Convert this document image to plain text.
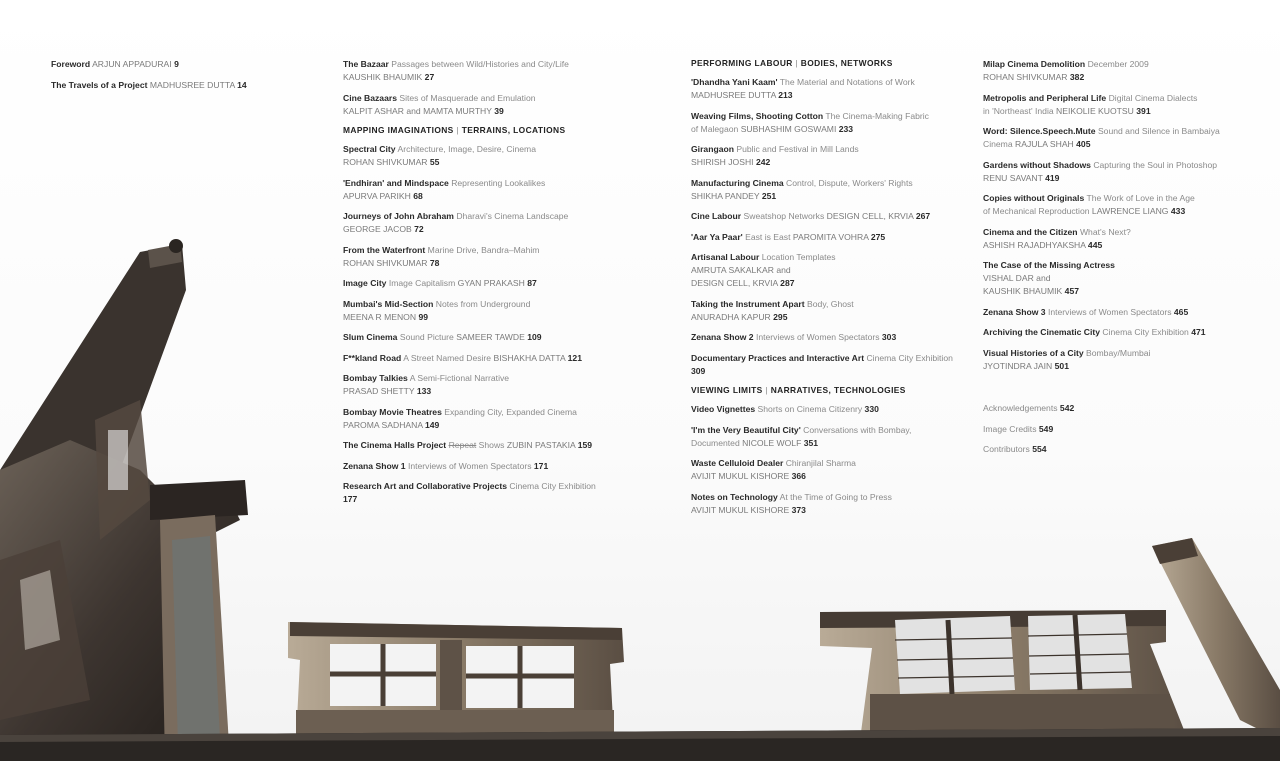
Foreword ARJUN APPADURAI 9
The Travels of a Project MADHUSREE DUTTA 14
The Bazaar Passages between Wild/Histories and City/Life
KAUSHIK BHAUMIK 27
Cine Bazaars Sites of Masquerade and Emulation
KALPIT ASHAR and MAMTA MURTHY 39
MAPPING IMAGINATIONS | TERRAINS, LOCATIONS
Spectral City Architecture, Image, Desire, Cinema
ROHAN SHIVKUMAR 55
'Endhiran' and Mindspace Representing Lookalikes
APURVA PARIKH 68
Journeys of John Abraham Dharavi's Cinema Landscape
GEORGE JACOB 72
From the Waterfront Marine Drive, Bandra–Mahim
ROHAN SHIVKUMAR 78
Image City Image Capitalism GYAN PRAKASH 87
Mumbai's Mid-Section Notes from Underground
MEENA R MENON 99
Slum Cinema Sound Picture SAMEER TAWDE 109
F**kland Road A Street Named Desire BISHAKHA DATTA 121
Bombay Talkies A Semi-Fictional Narrative
PRASAD SHETTY 133
Bombay Movie Theatres Expanding City, Expanded Cinema
PAROMA SADHANA 149
The Cinema Halls Project Repeat Shows ZUBIN PASTAKIA 159
Zenana Show 1 Interviews of Women Spectators 171
Research Art and Collaborative Projects Cinema City Exhibition
177
PERFORMING LABOUR | BODIES, NETWORKS
'Dhandha Yani Kaam' The Material and Notations of Work
MADHUSREE DUTTA 213
Weaving Films, Shooting Cotton The Cinema-Making Fabric
of Malegaon SUBHASHIM GOSWAMI 233
Girangaon Public and Festival in Mill Lands
SHIRISH JOSHI 242
Manufacturing Cinema Control, Dispute, Workers' Rights
SHIKHA PANDEY 251
Cine Labour Sweatshop Networks DESIGN CELL, KRVIA 267
'Aar Ya Paar' East is East PAROMITA VOHRA 275
Artisanal Labour Location Templates
AMRUTA SAKALKAR and
DESIGN CELL, KRVIA 287
Taking the Instrument Apart Body, Ghost
ANURADHA KAPUR 295
Zenana Show 2 Interviews of Women Spectators 303
Documentary Practices and Interactive Art Cinema City Exhibition
309
VIEWING LIMITS | NARRATIVES, TECHNOLOGIES
Video Vignettes Shorts on Cinema Citizenry 330
'I'm the Very Beautiful City' Conversations with Bombay,
Documented NICOLE WOLF 351
Waste Celluloid Dealer Chiranjilal Sharma
AVIJIT MUKUL KISHORE 366
Notes on Technology At the Time of Going to Press
AVIJIT MUKUL KISHORE 373
Milap Cinema Demolition December 2009
ROHAN SHIVKUMAR 382
Metropolis and Peripheral Life Digital Cinema Dialects
in 'Northeast' India NEIKOLIE KUOTSU 391
Word: Silence.Speech.Mute Sound and Silence in Bambaiya
Cinema RAJULA SHAH 405
Gardens without Shadows Capturing the Soul in Photoshop
RENU SAVANT 419
Copies without Originals The Work of Love in the Age
of Mechanical Reproduction LAWRENCE LIANG 433
Cinema and the Citizen What's Next?
ASHISH RAJADHYAKSHA 445
The Case of the Missing Actress
VISHAL DAR and
KAUSHIK BHAUMIK 457
Zenana Show 3 Interviews of Women Spectators 465
Archiving the Cinematic City Cinema City Exhibition 471
Visual Histories of a City Bombay/Mumbai
JYOTINDRA JAIN 501
Acknowledgements 542
Image Credits 549
Contributors 554
